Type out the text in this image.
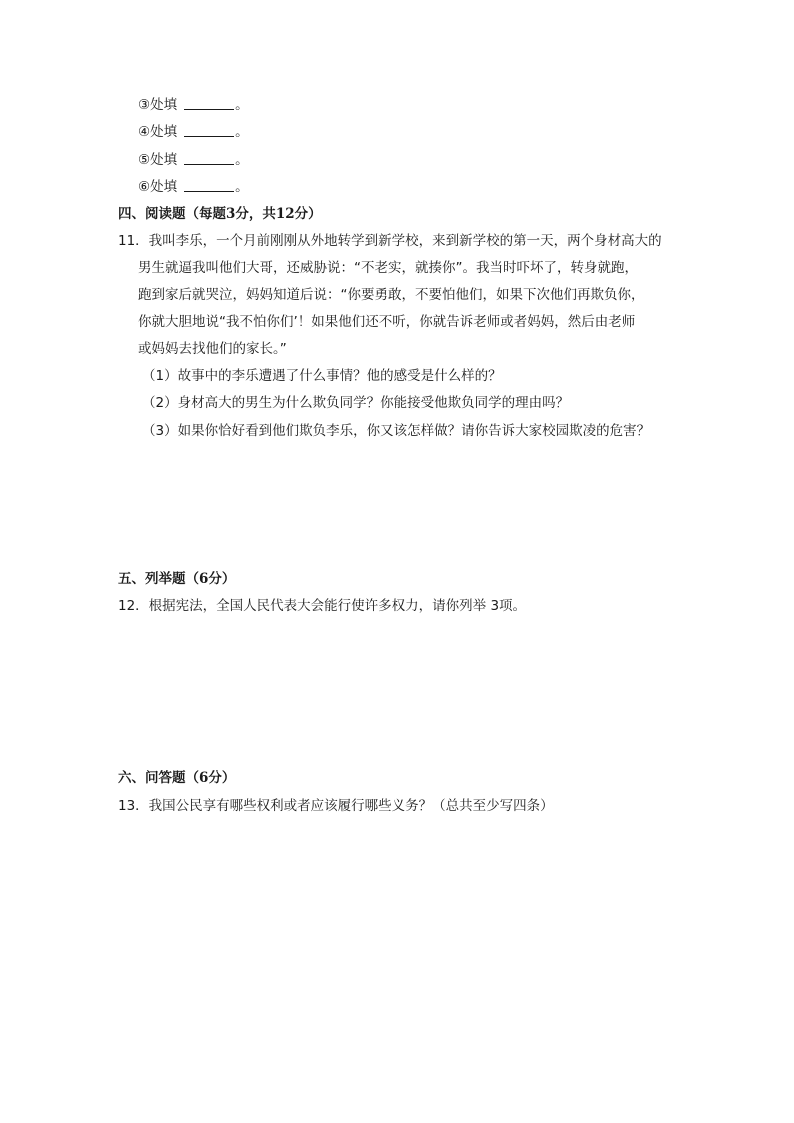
③处填	。
④处填	。
⑤处填	。
⑥处填	。
四、阅读题（每题3分，共12分）
11．我叫李乐，一个月前刚刚从外地转学到新学校，来到新学校的第一天，两个身材高大的
男生就逼我叫他们大哥，还威胁说：“不老实，就揍你”。我当时吓坏了，转身就跑，
跑到家后就哭泣，妈妈知道后说：“你要勇敢，不要怕他们，如果下次他们再欺负你，
你就大胆地说“我不怕你们’！如果他们还不听，你就告诉老师或者妈妈，然后由老师
或妈妈去找他们的家长。”
（1）故事中的李乐遭遇了什么事情？他的感受是什么样的？
（2）身材高大的男生为什么欺负同学？你能接受他欺负同学的理由吗？
（3）如果你恰好看到他们欺负李乐，你又该怎样做？请你告诉大家校园欺凌的危害？
五、列举题（6分）
12．根据宪法，全国人民代表大会能行使许多权力，请你列举 3项。
六、问答题（6分）
13．我国公民享有哪些权利或者应该履行哪些义务？（总共至少写四条）
